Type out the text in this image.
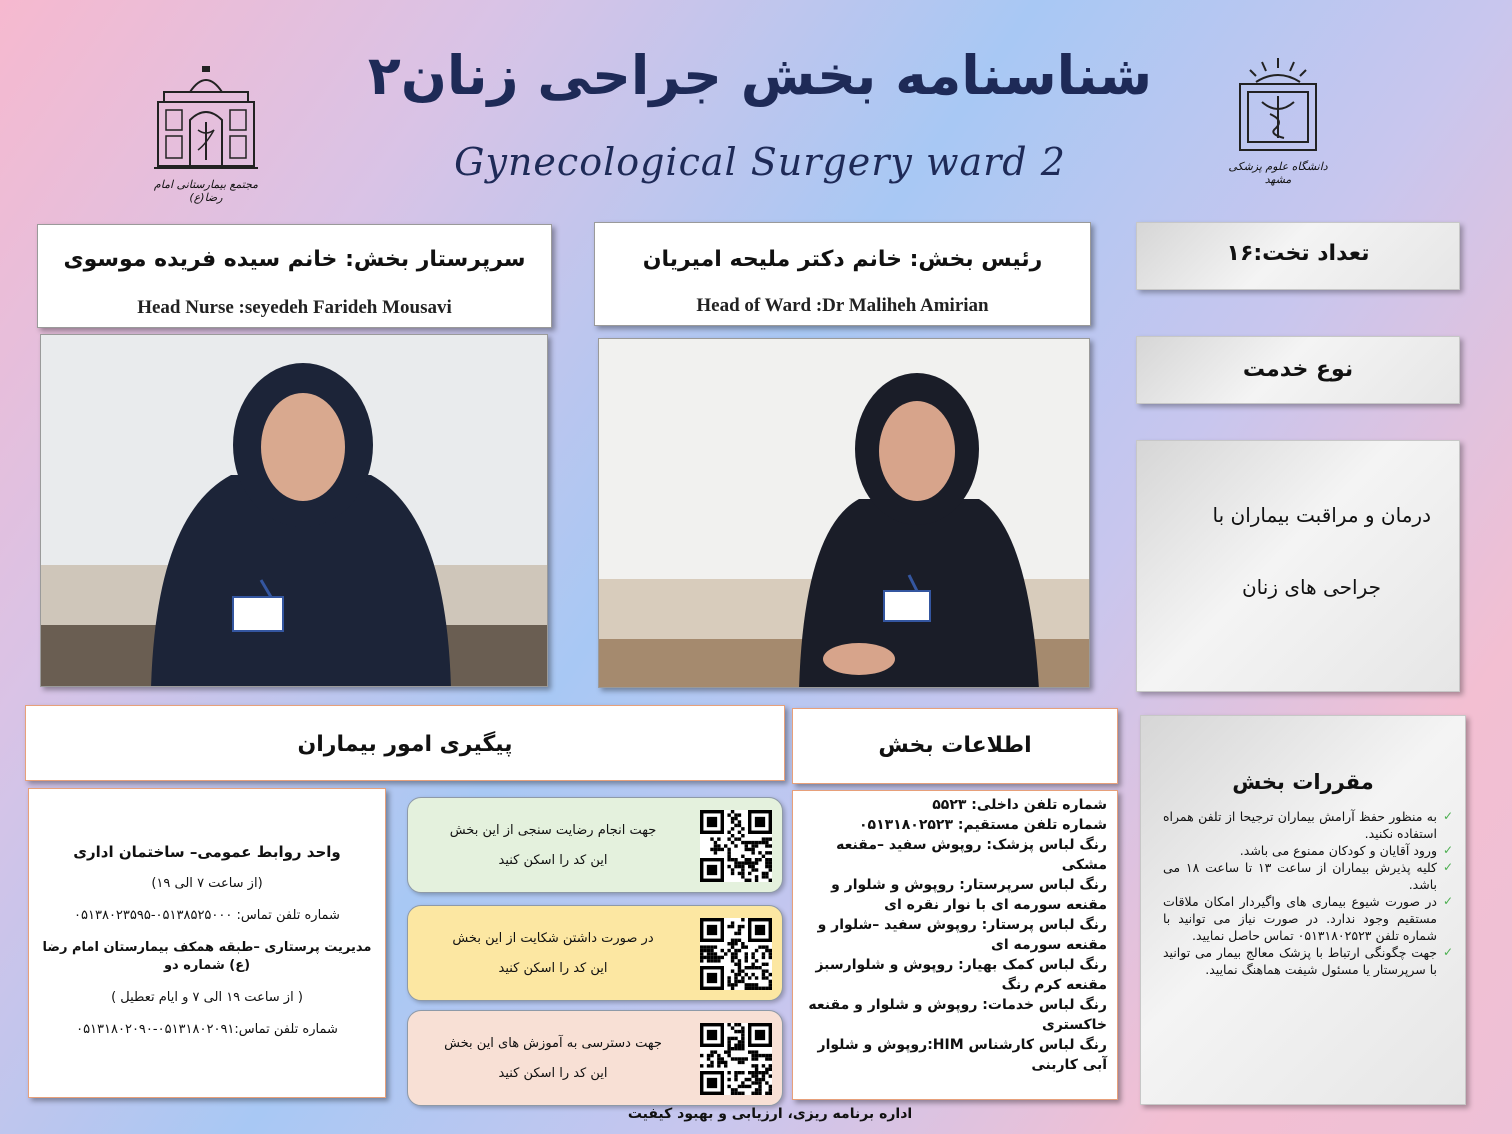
شناسنامه بخش جراحی زنان۲
Gynecological Surgery ward 2
مجتمع بیمارستانی امام رضا(ع)
دانشگاه علوم پزشکی مشهد
سرپرستار بخش: خانم سیده فریده موسوی
Head Nurse :seyedeh Farideh Mousavi
رئیس بخش: خانم دکتر ملیحه امیریان
Head of Ward :Dr Maliheh Amirian
تعداد تخت:۱۶
نوع خدمت
درمان و مراقبت بیماران با
جراحی های زنان
پیگیری امور بیماران	اطلاعات بخش
واحد روابط عمومی– ساختمان اداری
(از ساعت ۷ الی ۱۹)
شماره تلفن تماس: ۰۵۱۳۸۵۲۵۰۰۰-۰۵۱۳۸۰۲۳۵۹۵
مدیریت پرستاری –طبقه همکف بیمارستان امام رضا (ع) شماره دو
( از ساعت ۱۹ الی ۷ و ایام تعطیل )
شماره تلفن تماس:۰۵۱۳۱۸۰۲۰۹۱-۰۵۱۳۱۸۰۲۰۹۰
جهت انجام رضایت سنجی از این بخش
این کد را اسکن کنید
در صورت داشتن شکایت از این بخش
این کد را اسکن کنید
جهت دسترسی به آموزش های این بخش
این کد را اسکن کنید
شماره تلفن داخلی: ۵۵۲۳
شماره تلفن مستقیم: ۰۵۱۳۱۸۰۲۵۲۳
رنگ لباس پزشک: روپوش سفید –مقنعه مشکی
رنگ لباس سرپرستار: روپوش و شلوار و مقنعه سورمه ای با نوار نقره ای
رنگ لباس پرستار: روپوش سفید –شلوار و مقنعه سورمه ای
رنگ لباس کمک بهیار: روپوش و شلوارسبز مقنعه کرم رنگ
رنگ لباس خدمات: روپوش و شلوار و مقنعه خاکستری
رنگ لباس کارشناس HIM:روپوش و شلوار آبی کاربنی
مقررات بخش
✓
به منظور حفظ آرامش بیماران ترجیحا از تلفن همراه استفاده نکنید.
✓
ورود آقایان و کودکان ممنوع می باشد.
✓
کلیه پذیرش بیماران از ساعت ۱۳ تا ساعت ۱۸ می باشد.
✓
در صورت شیوع بیماری های واگیردار امکان ملاقات مستقیم وجود ندارد. در صورت نیاز می توانید با شماره تلفن ۰۵۱۳۱۸۰۲۵۲۳ تماس حاصل نمایید.
✓
جهت چگونگی ارتباط با پزشک معالج بیمار می توانید با سرپرستار یا مسئول شیفت هماهنگ نمایید.
اداره برنامه ریزی، ارزیابی و بهبود کیفیت
